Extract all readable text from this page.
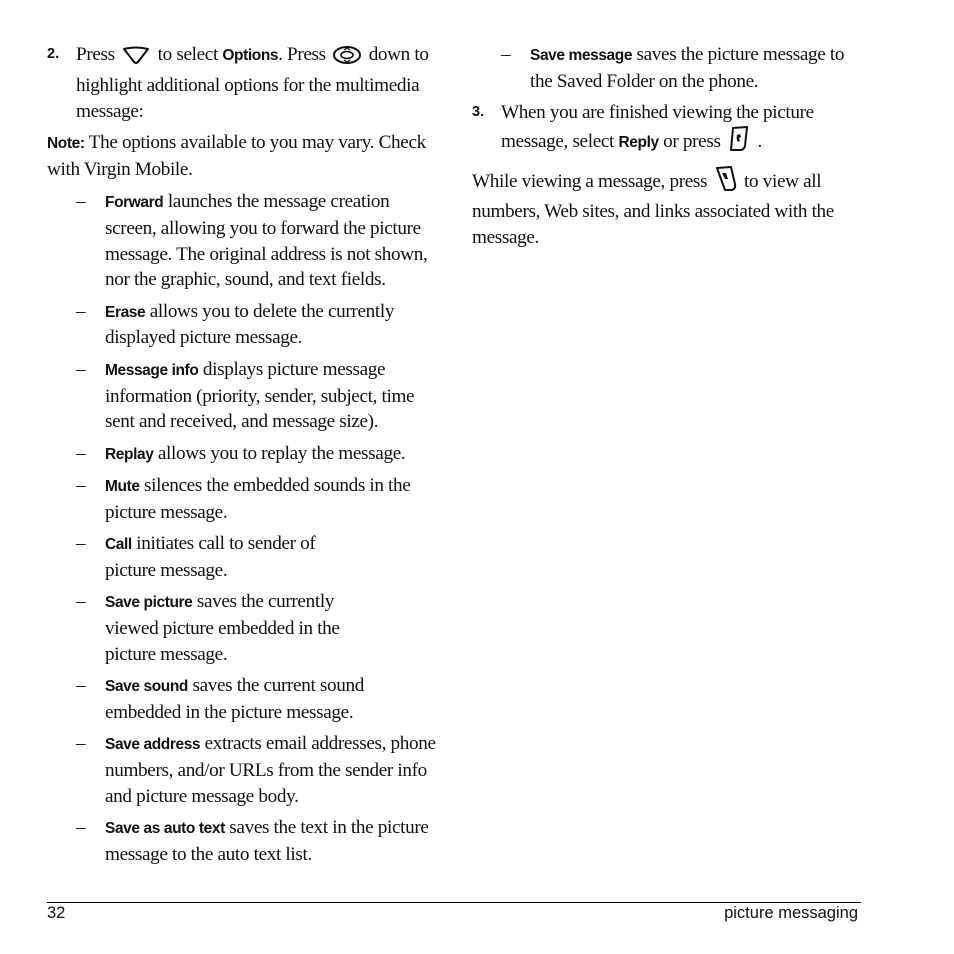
2. Press to select Options. Press down to highlight additional options for the multimedia message:

Note: The options available to you may vary. Check with Virgin Mobile.

–	Forward launches the message creation screen, allowing you to forward the picture message. The original address is not shown, nor the graphic, sound, and text fields.
–	Erase allows you to delete the currently displayed picture message.
–	Message info displays picture message information (priority, sender, subject, time sent and received, and message size).
–	Replay allows you to replay the message.
–	Mute silences the embedded sounds in the picture message.
–	Call initiates call to sender of picture message.
–	Save picture saves the currently viewed picture embedded in the picture message.
–	Save sound saves the current sound embedded in the picture message.
–	Save address extracts email addresses, phone numbers, and/or URLs from the sender info and picture message body.
–	Save as auto text saves the text in the picture message to the auto text list.
–	Save message saves the picture message to the Saved Folder on the phone.
3. When you are finished viewing the picture message, select Reply or press .

While viewing a message, press to view all numbers, Web sites, and links associated with the message.

32	picture messaging
